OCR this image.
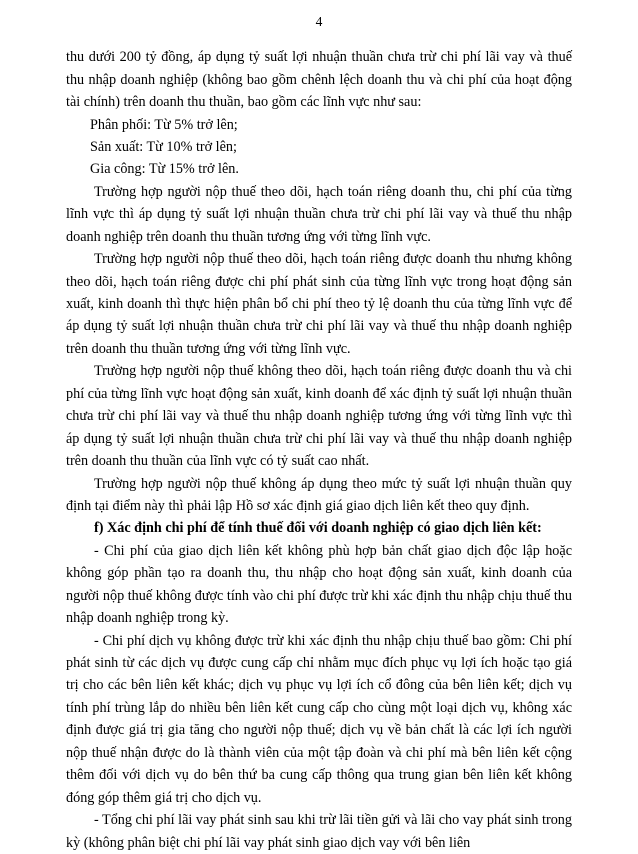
4

thu dưới 200 tỷ đồng, áp dụng tỷ suất lợi nhuận thuần chưa trừ chi phí lãi vay và thuế thu nhập doanh nghiệp (không bao gồm chênh lệch doanh thu và chi phí của hoạt động tài chính) trên doanh thu thuần, bao gồm các lĩnh vực như sau:

Phân phối: Từ 5% trở lên;

Sản xuất: Từ 10% trở lên;

Gia công: Từ 15% trở lên.

Trường hợp người nộp thuế theo dõi, hạch toán riêng doanh thu, chi phí của từng lĩnh vực thì áp dụng tỷ suất lợi nhuận thuần chưa trừ chi phí lãi vay và thuế thu nhập doanh nghiệp trên doanh thu thuần tương ứng với từng lĩnh vực.

Trường hợp người nộp thuế theo dõi, hạch toán riêng được doanh thu nhưng không theo dõi, hạch toán riêng được chi phí phát sinh của từng lĩnh vực trong hoạt động sản xuất, kinh doanh thì thực hiện phân bổ chi phí theo tỷ lệ doanh thu của từng lĩnh vực để áp dụng tỷ suất lợi nhuận thuần chưa trừ chi phí lãi vay và thuế thu nhập doanh nghiệp trên doanh thu thuần tương ứng với từng lĩnh vực.

Trường hợp người nộp thuế không theo dõi, hạch toán riêng được doanh thu và chi phí của từng lĩnh vực hoạt động sản xuất, kinh doanh để xác định tỷ suất lợi nhuận thuần chưa trừ chi phí lãi vay và thuế thu nhập doanh nghiệp tương ứng với từng lĩnh vực thì áp dụng tỷ suất lợi nhuận thuần chưa trừ chi phí lãi vay và thuế thu nhập doanh nghiệp trên doanh thu thuần của lĩnh vực có tỷ suất cao nhất.

Trường hợp người nộp thuế không áp dụng theo mức tỷ suất lợi nhuận thuần quy định tại điểm này thì phải lập Hồ sơ xác định giá giao dịch liên kết theo quy định.

f) Xác định chi phí để tính thuế đối với doanh nghiệp có giao dịch liên kết:

- Chi phí của giao dịch liên kết không phù hợp bản chất giao dịch độc lập hoặc không góp phần tạo ra doanh thu, thu nhập cho hoạt động sản xuất, kinh doanh của người nộp thuế không được tính vào chi phí được trừ khi xác định thu nhập chịu thuế thu nhập doanh nghiệp trong kỳ.

- Chi phí dịch vụ không được trừ khi xác định thu nhập chịu thuế bao gồm: Chi phí phát sinh từ các dịch vụ được cung cấp chỉ nhằm mục đích phục vụ lợi ích hoặc tạo giá trị cho các bên liên kết khác; dịch vụ phục vụ lợi ích cổ đông của bên liên kết; dịch vụ tính phí trùng lắp do nhiều bên liên kết cung cấp cho cùng một loại dịch vụ, không xác định được giá trị gia tăng cho người nộp thuế; dịch vụ về bản chất là các lợi ích người nộp thuế nhận được do là thành viên của một tập đoàn và chi phí mà bên liên kết cộng thêm đối với dịch vụ do bên thứ ba cung cấp thông qua trung gian bên liên kết không đóng góp thêm giá trị cho dịch vụ.

- Tổng chi phí lãi vay phát sinh sau khi trừ lãi tiền gửi và lãi cho vay phát sinh trong kỳ (không phân biệt chi phí lãi vay phát sinh giao dịch vay với bên liên
